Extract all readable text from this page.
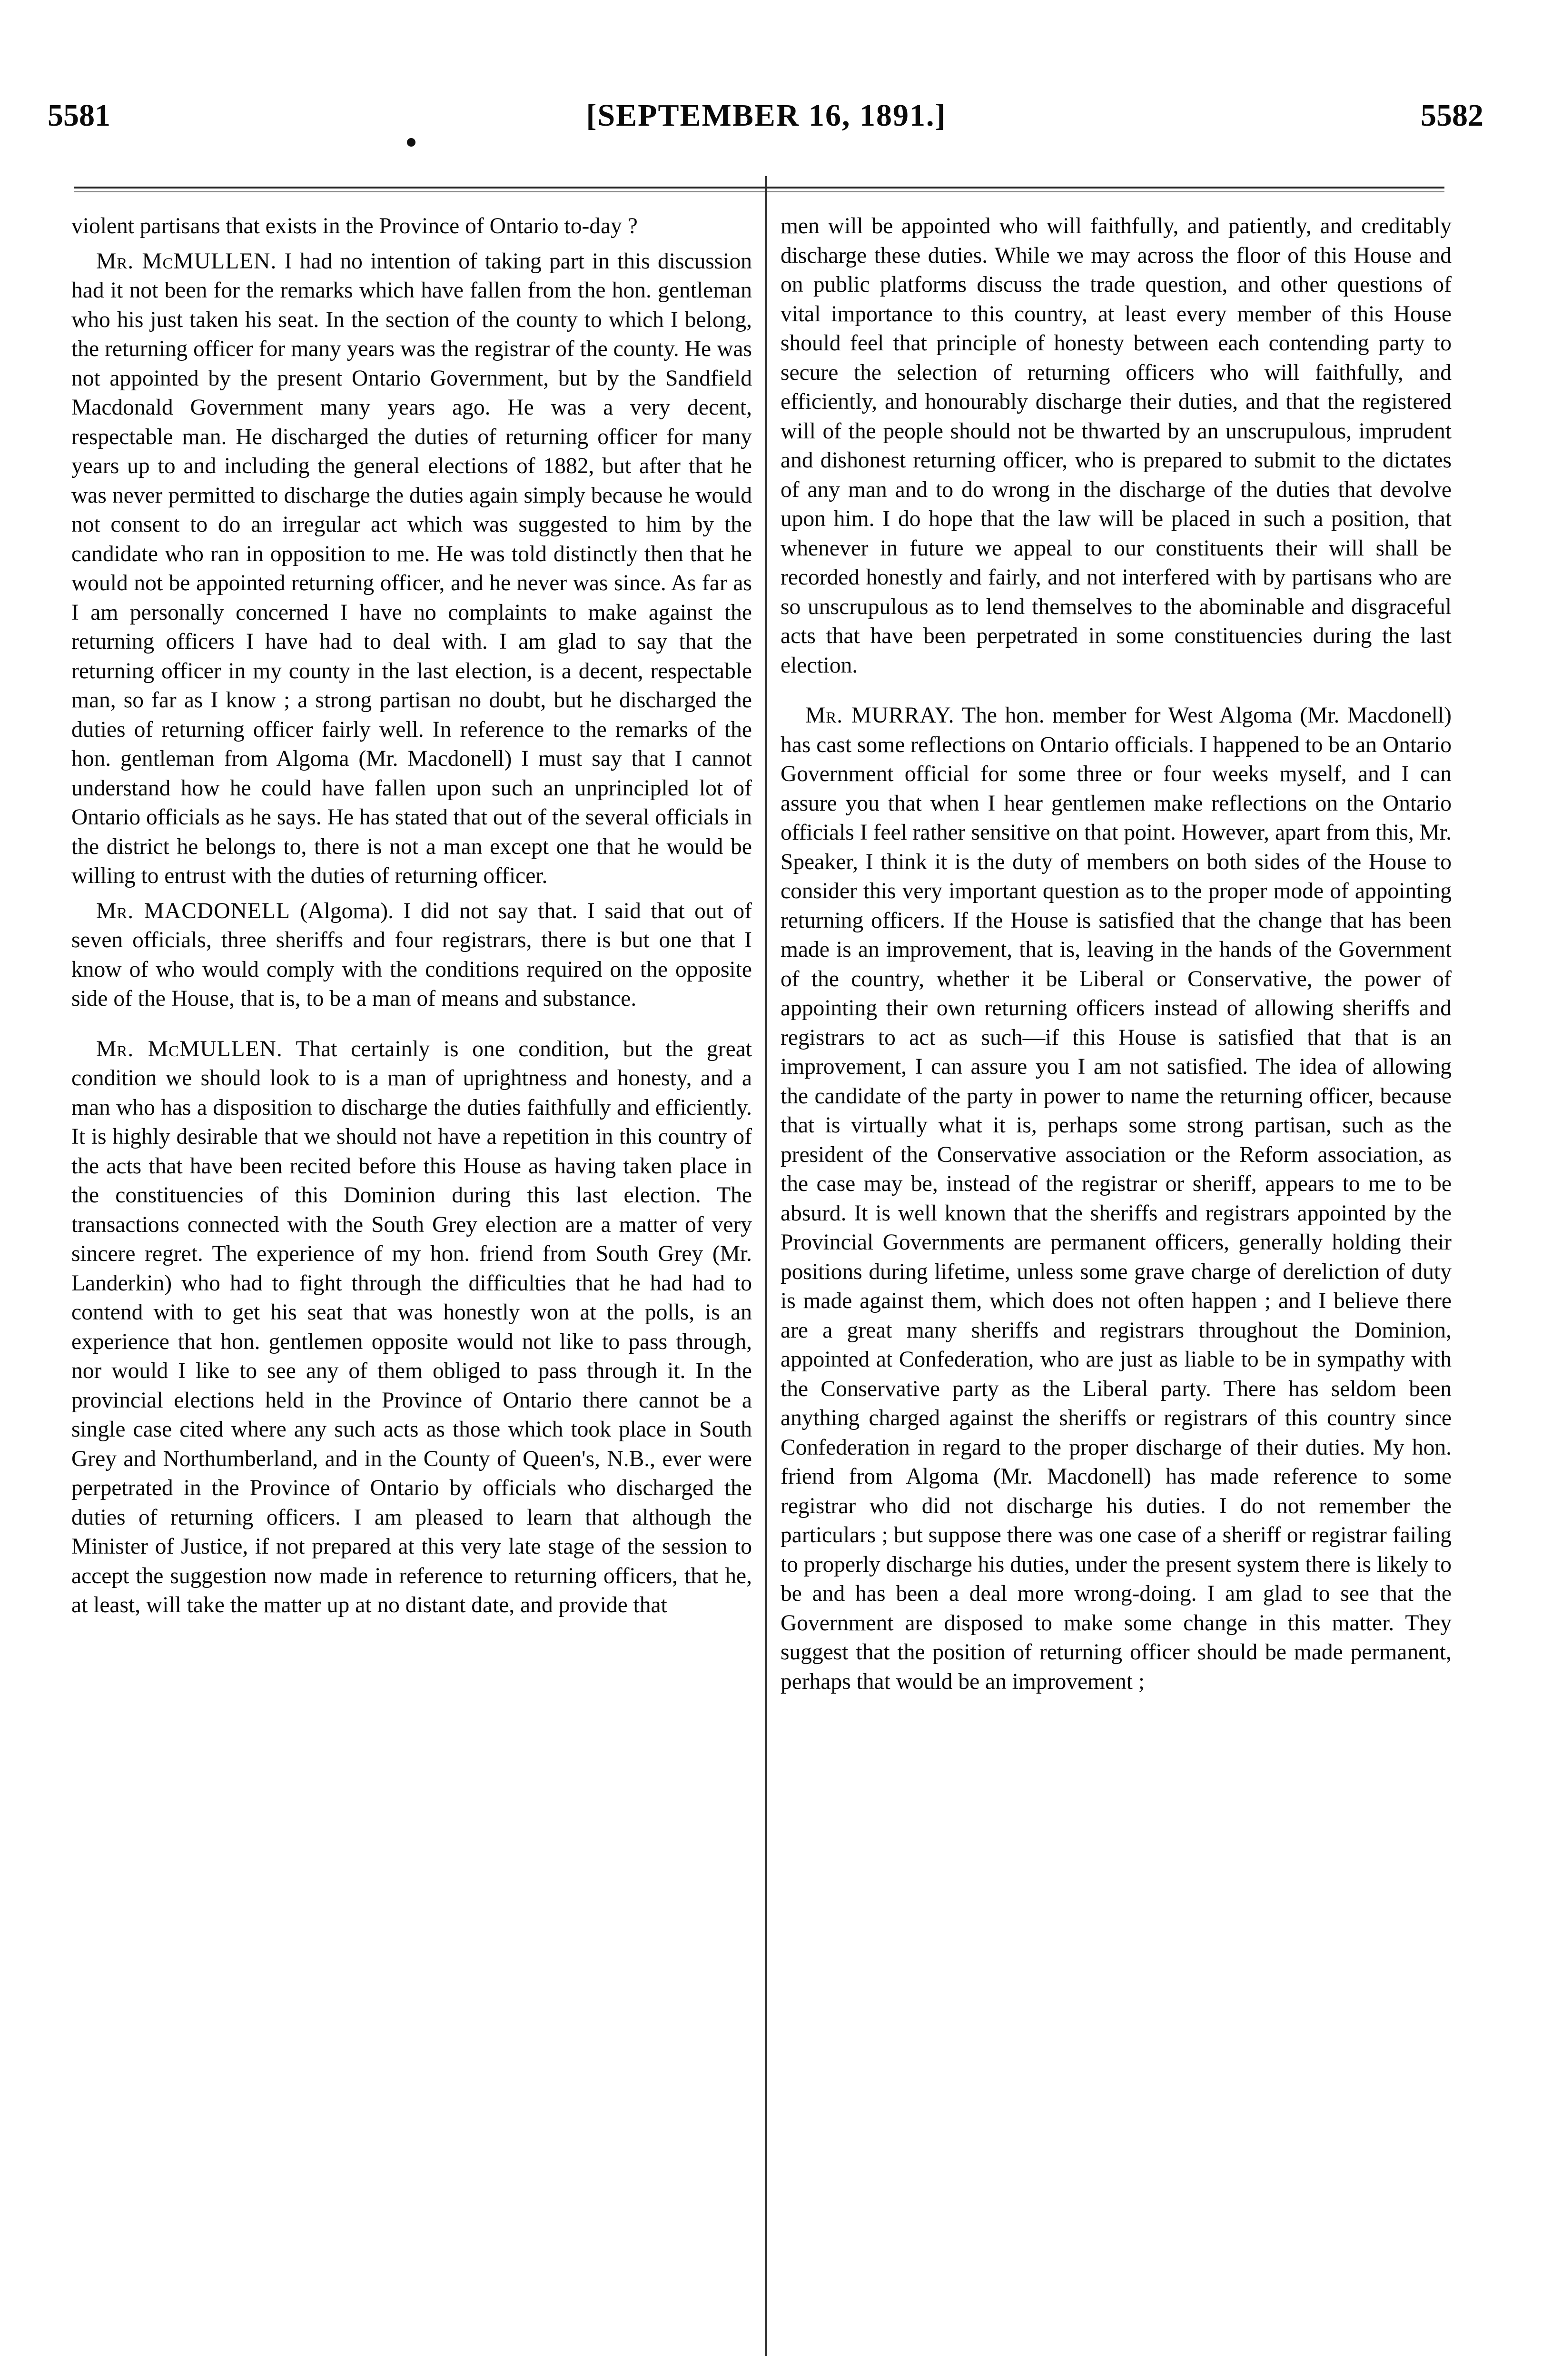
5581	[SEPTEMBER 16, 1891.]	5582

violent partisans that exists in the Province of Ontario to-day ?

Mr. McMULLEN. I had no intention of taking part in this discussion had it not been for the remarks which have fallen from the hon. gentleman who his just taken his seat. In the section of the county to which I belong, the returning officer for many years was the registrar of the county. He was not appointed by the present Ontario Government, but by the Sandfield Macdonald Government many years ago. He was a very decent, respectable man. He discharged the duties of returning officer for many years up to and including the general elections of 1882, but after that he was never permitted to discharge the duties again simply because he would not consent to do an irregular act which was suggested to him by the candidate who ran in opposition to me. He was told distinctly then that he would not be appointed returning officer, and he never was since. As far as I am personally concerned I have no complaints to make against the returning officers I have had to deal with. I am glad to say that the returning officer in my county in the last election, is a decent, respectable man, so far as I know ; a strong partisan no doubt, but he discharged the duties of returning officer fairly well. In reference to the remarks of the hon. gentleman from Algoma (Mr. Macdonell) I must say that I cannot understand how he could have fallen upon such an unprincipled lot of Ontario officials as he says. He has stated that out of the several officials in the district he belongs to, there is not a man except one that he would be willing to entrust with the duties of returning officer.

Mr. MACDONELL (Algoma). I did not say that. I said that out of seven officials, three sheriffs and four registrars, there is but one that I know of who would comply with the conditions required on the opposite side of the House, that is, to be a man of means and substance.

Mr. McMULLEN. That certainly is one condition, but the great condition we should look to is a man of uprightness and honesty, and a man who has a disposition to discharge the duties faithfully and efficiently. It is highly desirable that we should not have a repetition in this country of the acts that have been recited before this House as having taken place in the constituencies of this Dominion during this last election. The transactions connected with the South Grey election are a matter of very sincere regret. The experience of my hon. friend from South Grey (Mr. Landerkin) who had to fight through the difficulties that he had had to contend with to get his seat that was honestly won at the polls, is an experience that hon. gentlemen opposite would not like to pass through, nor would I like to see any of them obliged to pass through it. In the provincial elections held in the Province of Ontario there cannot be a single case cited where any such acts as those which took place in South Grey and Northumberland, and in the County of Queen's, N.B., ever were perpetrated in the Province of Ontario by officials who discharged the duties of returning officers. I am pleased to learn that although the Minister of Justice, if not prepared at this very late stage of the session to accept the suggestion now made in reference to returning officers, that he, at least, will take the matter up at no distant date, and provide that

men will be appointed who will faithfully, and patiently, and creditably discharge these duties. While we may across the floor of this House and on public platforms discuss the trade question, and other questions of vital importance to this country, at least every member of this House should feel that principle of honesty between each contending party to secure the selection of returning officers who will faithfully, and efficiently, and honourably discharge their duties, and that the registered will of the people should not be thwarted by an unscrupulous, imprudent and dishonest returning officer, who is prepared to submit to the dictates of any man and to do wrong in the discharge of the duties that devolve upon him. I do hope that the law will be placed in such a position, that whenever in future we appeal to our constituents their will shall be recorded honestly and fairly, and not interfered with by partisans who are so unscrupulous as to lend themselves to the abominable and disgraceful acts that have been perpetrated in some constituencies during the last election.

Mr. MURRAY. The hon. member for West Algoma (Mr. Macdonell) has cast some reflections on Ontario officials. I happened to be an Ontario Government official for some three or four weeks myself, and I can assure you that when I hear gentlemen make reflections on the Ontario officials I feel rather sensitive on that point. However, apart from this, Mr. Speaker, I think it is the duty of members on both sides of the House to consider this very important question as to the proper mode of appointing returning officers. If the House is satisfied that the change that has been made is an improvement, that is, leaving in the hands of the Government of the country, whether it be Liberal or Conservative, the power of appointing their own returning officers instead of allowing sheriffs and registrars to act as such—if this House is satisfied that that is an improvement, I can assure you I am not satisfied. The idea of allowing the candidate of the party in power to name the returning officer, because that is virtually what it is, perhaps some strong partisan, such as the president of the Conservative association or the Reform association, as the case may be, instead of the registrar or sheriff, appears to me to be absurd. It is well known that the sheriffs and registrars appointed by the Provincial Governments are permanent officers, generally holding their positions during lifetime, unless some grave charge of dereliction of duty is made against them, which does not often happen ; and I believe there are a great many sheriffs and registrars throughout the Dominion, appointed at Confederation, who are just as liable to be in sympathy with the Conservative party as the Liberal party. There has seldom been anything charged against the sheriffs or registrars of this country since Confederation in regard to the proper discharge of their duties. My hon. friend from Algoma (Mr. Macdonell) has made reference to some registrar who did not discharge his duties. I do not remember the particulars ; but suppose there was one case of a sheriff or registrar failing to properly discharge his duties, under the present system there is likely to be and has been a deal more wrong-doing. I am glad to see that the Government are disposed to make some change in this matter. They suggest that the position of returning officer should be made permanent, perhaps that would be an improvement ;
